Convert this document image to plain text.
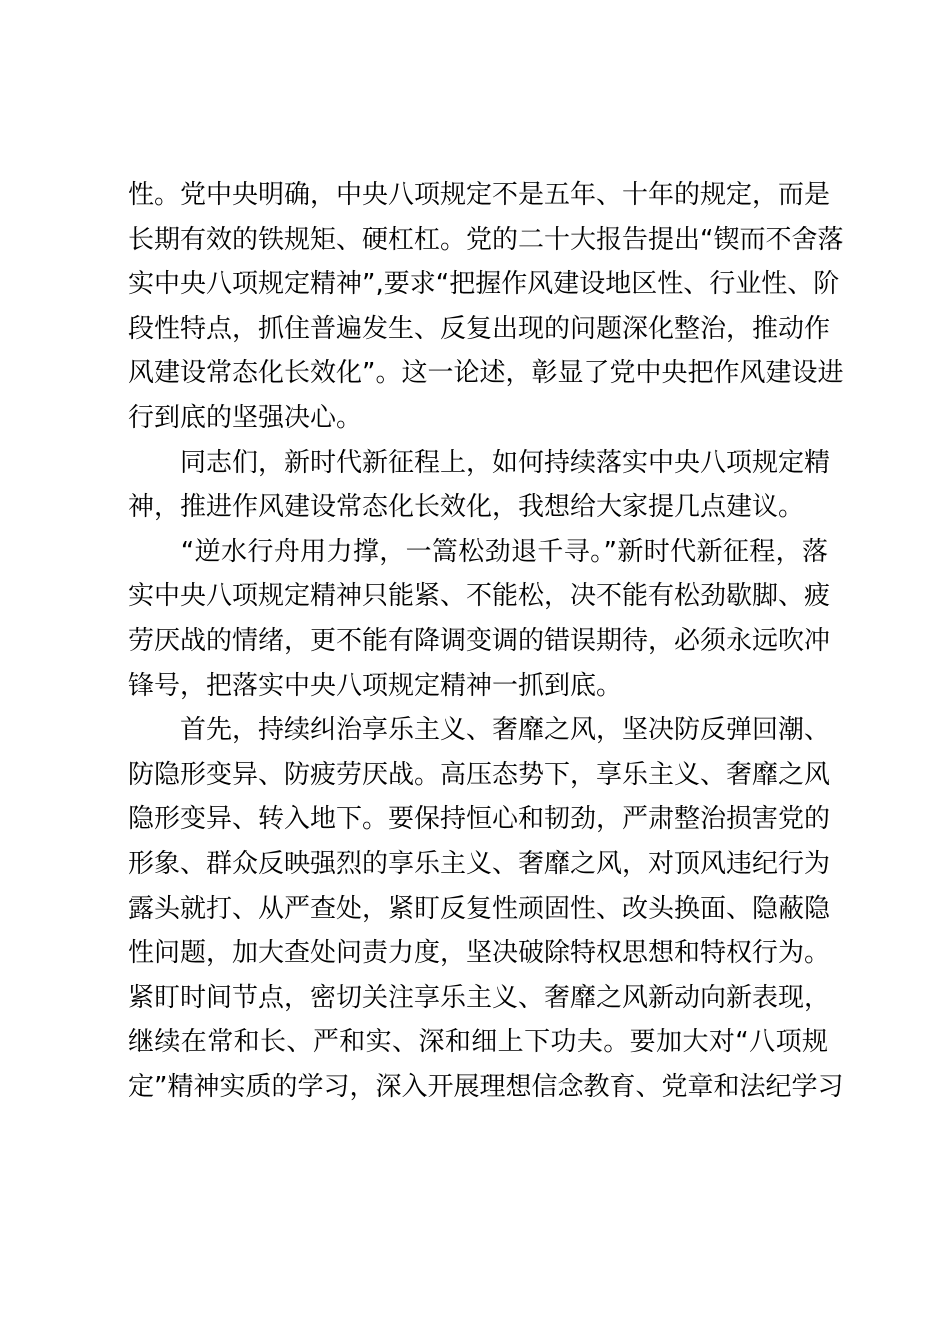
性。党中央明确，中央八项规定不是五年、十年的规定，而是
长期有效的铁规矩、硬杠杠。党的二十大报告提出“锲而不舍落
实中央八项规定精神”,要求“把握作风建设地区性、行业性、阶
段性特点，抓住普遍发生、反复出现的问题深化整治，推动作
风建设常态化长效化”。这一论述，彰显了党中央把作风建设进
行到底的坚强决心。
　　同志们，新时代新征程上，如何持续落实中央八项规定精
神，推进作风建设常态化长效化，我想给大家提几点建议。
　　“逆水行舟用力撑，一篙松劲退千寻。”新时代新征程，落
实中央八项规定精神只能紧、不能松，决不能有松劲歇脚、疲
劳厌战的情绪，更不能有降调变调的错误期待，必须永远吹冲
锋号，把落实中央八项规定精神一抓到底。
　　首先，持续纠治享乐主义、奢靡之风，坚决防反弹回潮、
防隐形变异、防疲劳厌战。高压态势下，享乐主义、奢靡之风
隐形变异、转入地下。要保持恒心和韧劲，严肃整治损害党的
形象、群众反映强烈的享乐主义、奢靡之风，对顶风违纪行为
露头就打、从严查处，紧盯反复性顽固性、改头换面、隐蔽隐
性问题，加大查处问责力度，坚决破除特权思想和特权行为。
紧盯时间节点，密切关注享乐主义、奢靡之风新动向新表现，
继续在常和长、严和实、深和细上下功夫。要加大对“八项规
定”精神实质的学习，深入开展理想信念教育、党章和法纪学习
